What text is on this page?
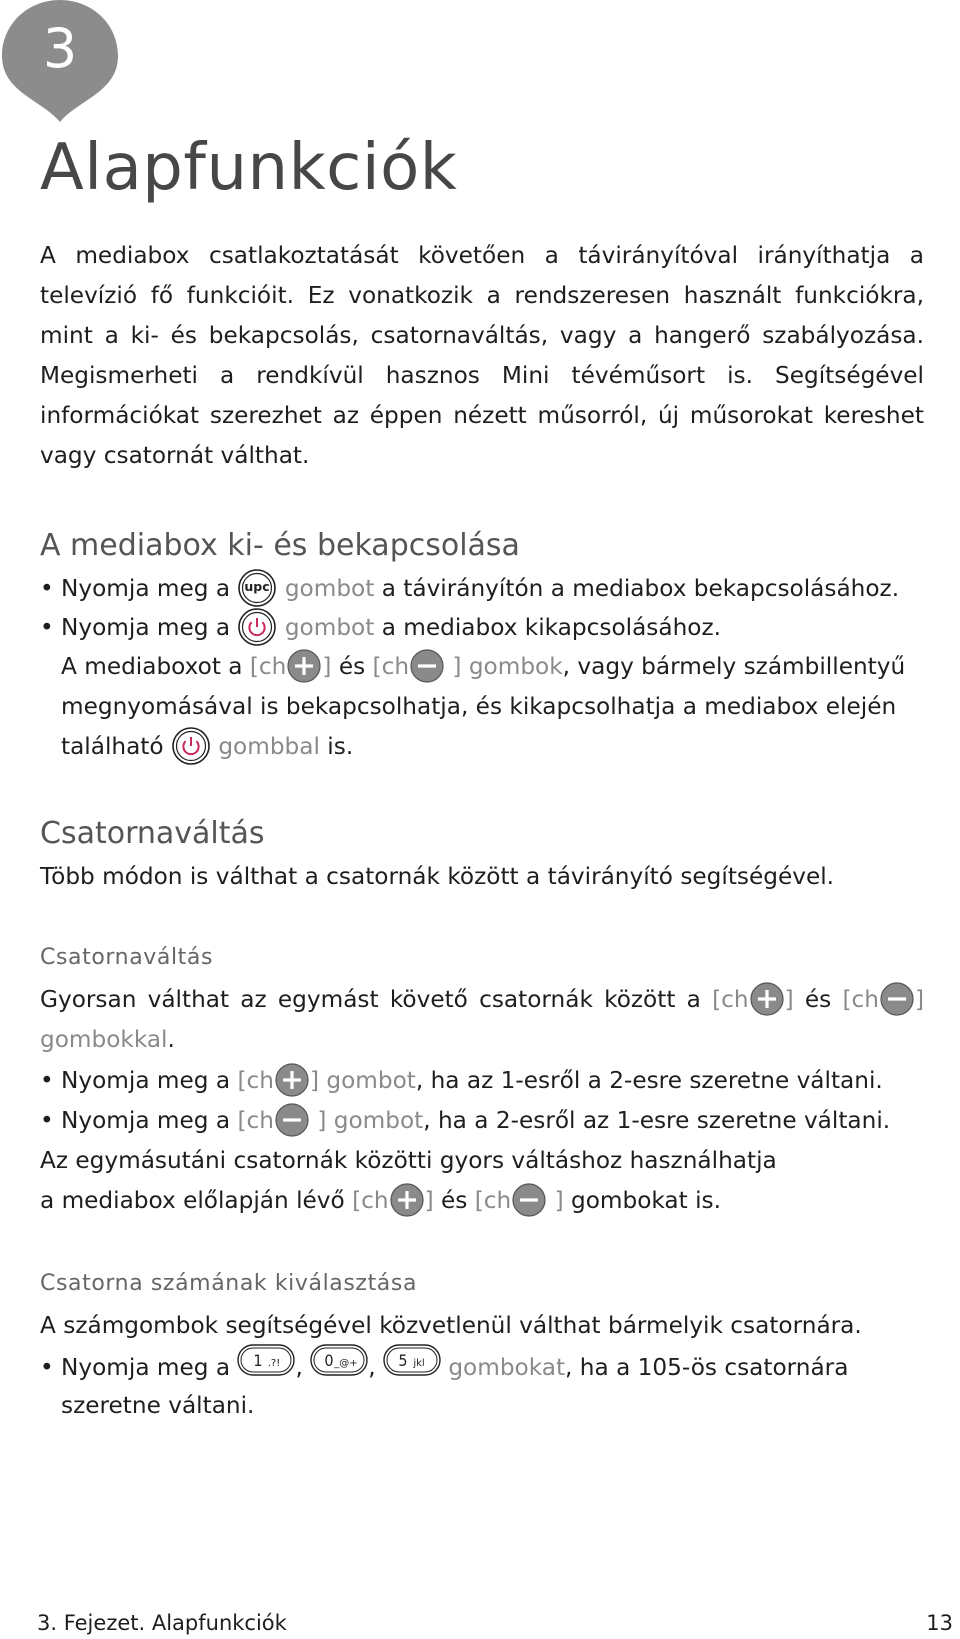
3
Alapfunkciók
A mediabox csatlakoztatását követően a távirányítóval irányíthatja a
televízió fő funkcióit. Ez vonatkozik a rendszeresen használt funkciókra,
mint a ki- és bekapcsolás, csatornaváltás, vagy a hangerő szabályozása.
Megismerheti a rendkívül hasznos Mini tévéműsort is. Segítségével
információkat szerezhet az éppen nézett műsorról, új műsorokat kereshet
vagy csatornát válthat.
A mediabox ki- és bekapcsolása
• Nyomja meg a upc gombot a távirányítón a mediabox bekapcsolásához.
• Nyomja meg a gombot a mediabox kikapcsolásához.
A mediaboxot a [ch ] és [ch ] gombok, vagy bármely számbillentyű
megnyomásával is bekapcsolhatja, és kikapcsolhatja a mediabox elején
található gombbal is.
Csatornaváltás
Több módon is válthat a csatornák között a távirányító segítségével.
Csatornaváltás
Gyorsan válthat az egymást követő csatornák között a [ch ] és [ch ]
gombokkal.
• Nyomja meg a [ch ] gombot, ha az 1-esről a 2-esre szeretne váltani.
• Nyomja meg a [ch ] gombot, ha a 2-esről az 1-esre szeretne váltani.
Az egymásutáni csatornák közötti gyors váltáshoz használhatja
a mediabox előlapján lévő [ch ] és [ch ] gombokat is.
Csatorna számának kiválasztása
A számgombok segítségével közvetlenül válthat bármelyik csatornára.
• Nyomja meg a 1 .?! , 0 _@+ , 5 jkl gombokat, ha a 105-ös csatornára
szeretne váltani.
3. Fejezet. Alapfunkciók	13
